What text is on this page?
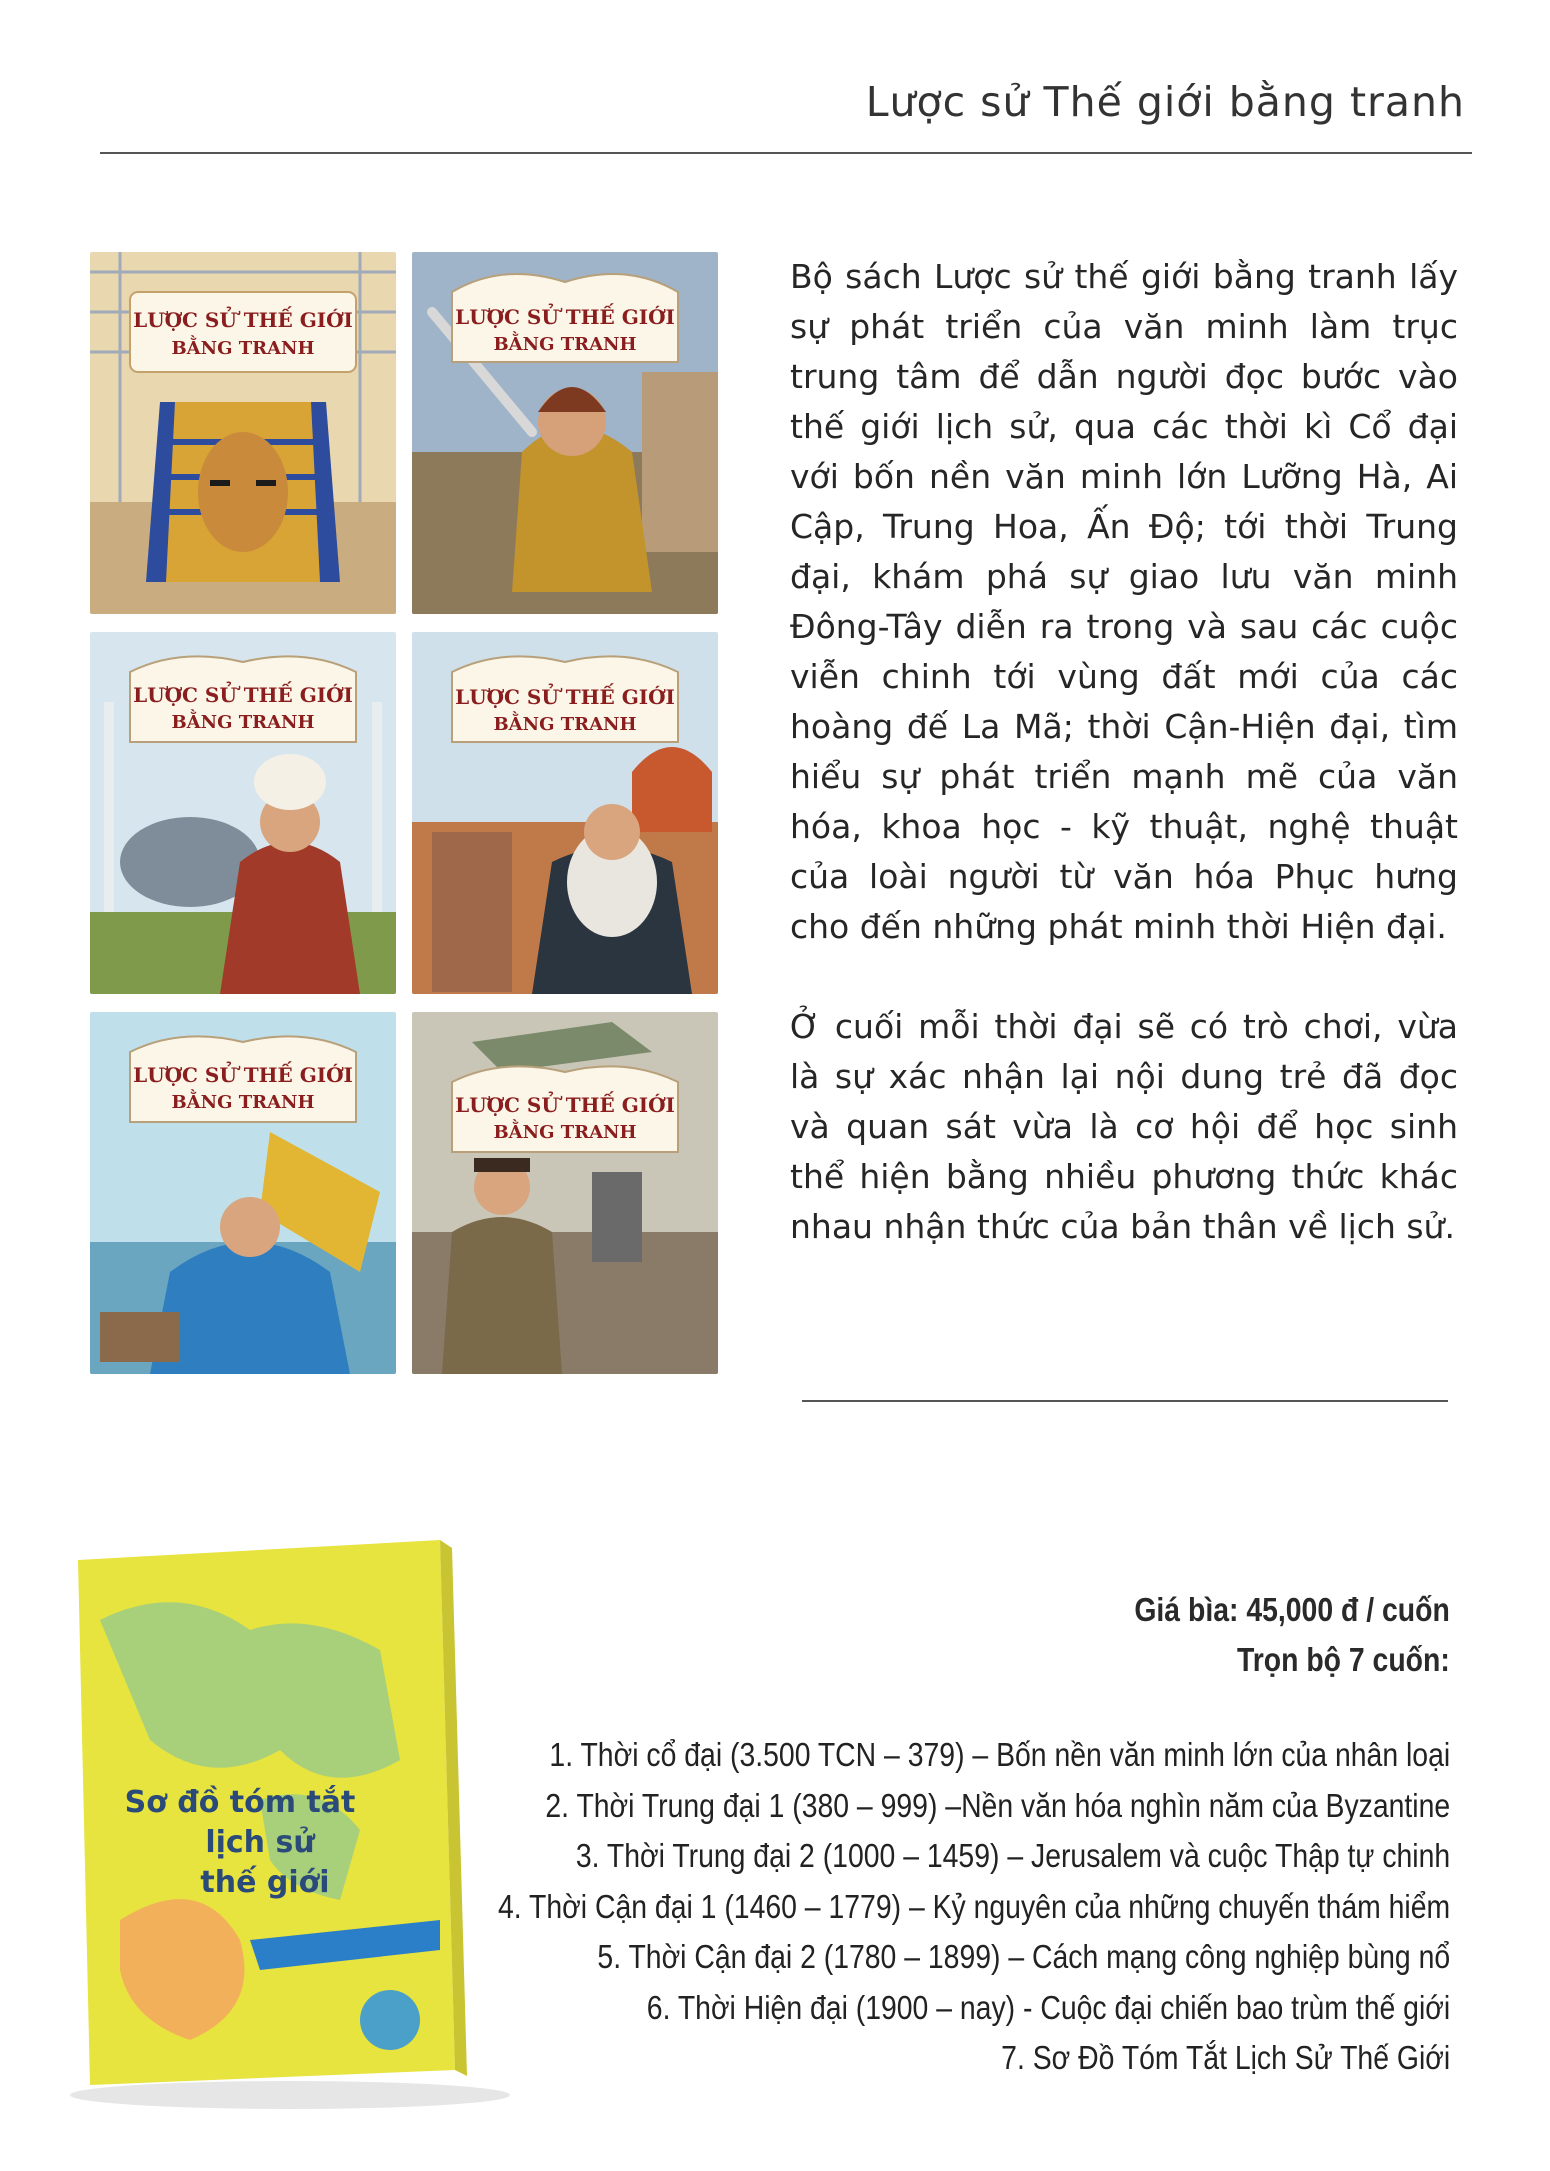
Lược sử Thế giới bằng tranh
LƯỢC SỬ THẾ GIỚI
BẰNG TRANH
LƯỢC SỬ THẾ GIỚI
BẰNG TRANH
LƯỢC SỬ THẾ GIỚI
BẰNG TRANH
LƯỢC SỬ THẾ GIỚI
BẰNG TRANH
LƯỢC SỬ THẾ GIỚI
BẰNG TRANH	LƯỢC SỬ THẾ GIỚI
BẰNG TRANH

Bộ sách Lược sử thế giới bằng tranh lấy sự phát triển của văn minh làm trục trung tâm để dẫn người đọc bước vào thế giới lịch sử, qua các thời kì Cổ đại với bốn nền văn minh lớn Lưỡng Hà, Ai Cập, Trung Hoa, Ấn Độ; tới thời Trung đại, khám phá sự giao lưu văn minh Đông-Tây diễn ra trong và sau các cuộc viễn chinh tới vùng đất mới của các hoàng đế La Mã; thời Cận-Hiện đại, tìm hiểu sự phát triển mạnh mẽ của văn hóa, khoa học - kỹ thuật, nghệ thuật của loài người từ văn hóa Phục hưng cho đến những phát minh thời Hiện đại.

Ở cuối mỗi thời đại sẽ có trò chơi, vừa là sự xác nhận lại nội dung trẻ đã đọc và quan sát vừa là cơ hội để học sinh thể hiện bằng nhiều phương thức khác nhau nhận thức của bản thân về lịch sử.

Sơ đồ tóm tắt
lịch sử
thế giới
Giá bìa: 45,000 đ / cuốn
Trọn bộ 7 cuốn:
1. Thời cổ đại (3.500 TCN – 379) – Bốn nền văn minh lớn của nhân loại
2. Thời Trung đại 1 (380 – 999) –Nền văn hóa nghìn năm của Byzantine
3. Thời Trung đại 2 (1000 – 1459) – Jerusalem và cuộc Thập tự chinh
4. Thời Cận đại 1 (1460 – 1779) – Kỷ nguyên của những chuyến thám hiểm
5. Thời Cận đại 2 (1780 – 1899) – Cách mạng công nghiệp bùng nổ
6. Thời Hiện đại (1900 – nay) - Cuộc đại chiến bao trùm thế giới
7. Sơ Đồ Tóm Tắt Lịch Sử Thế Giới
